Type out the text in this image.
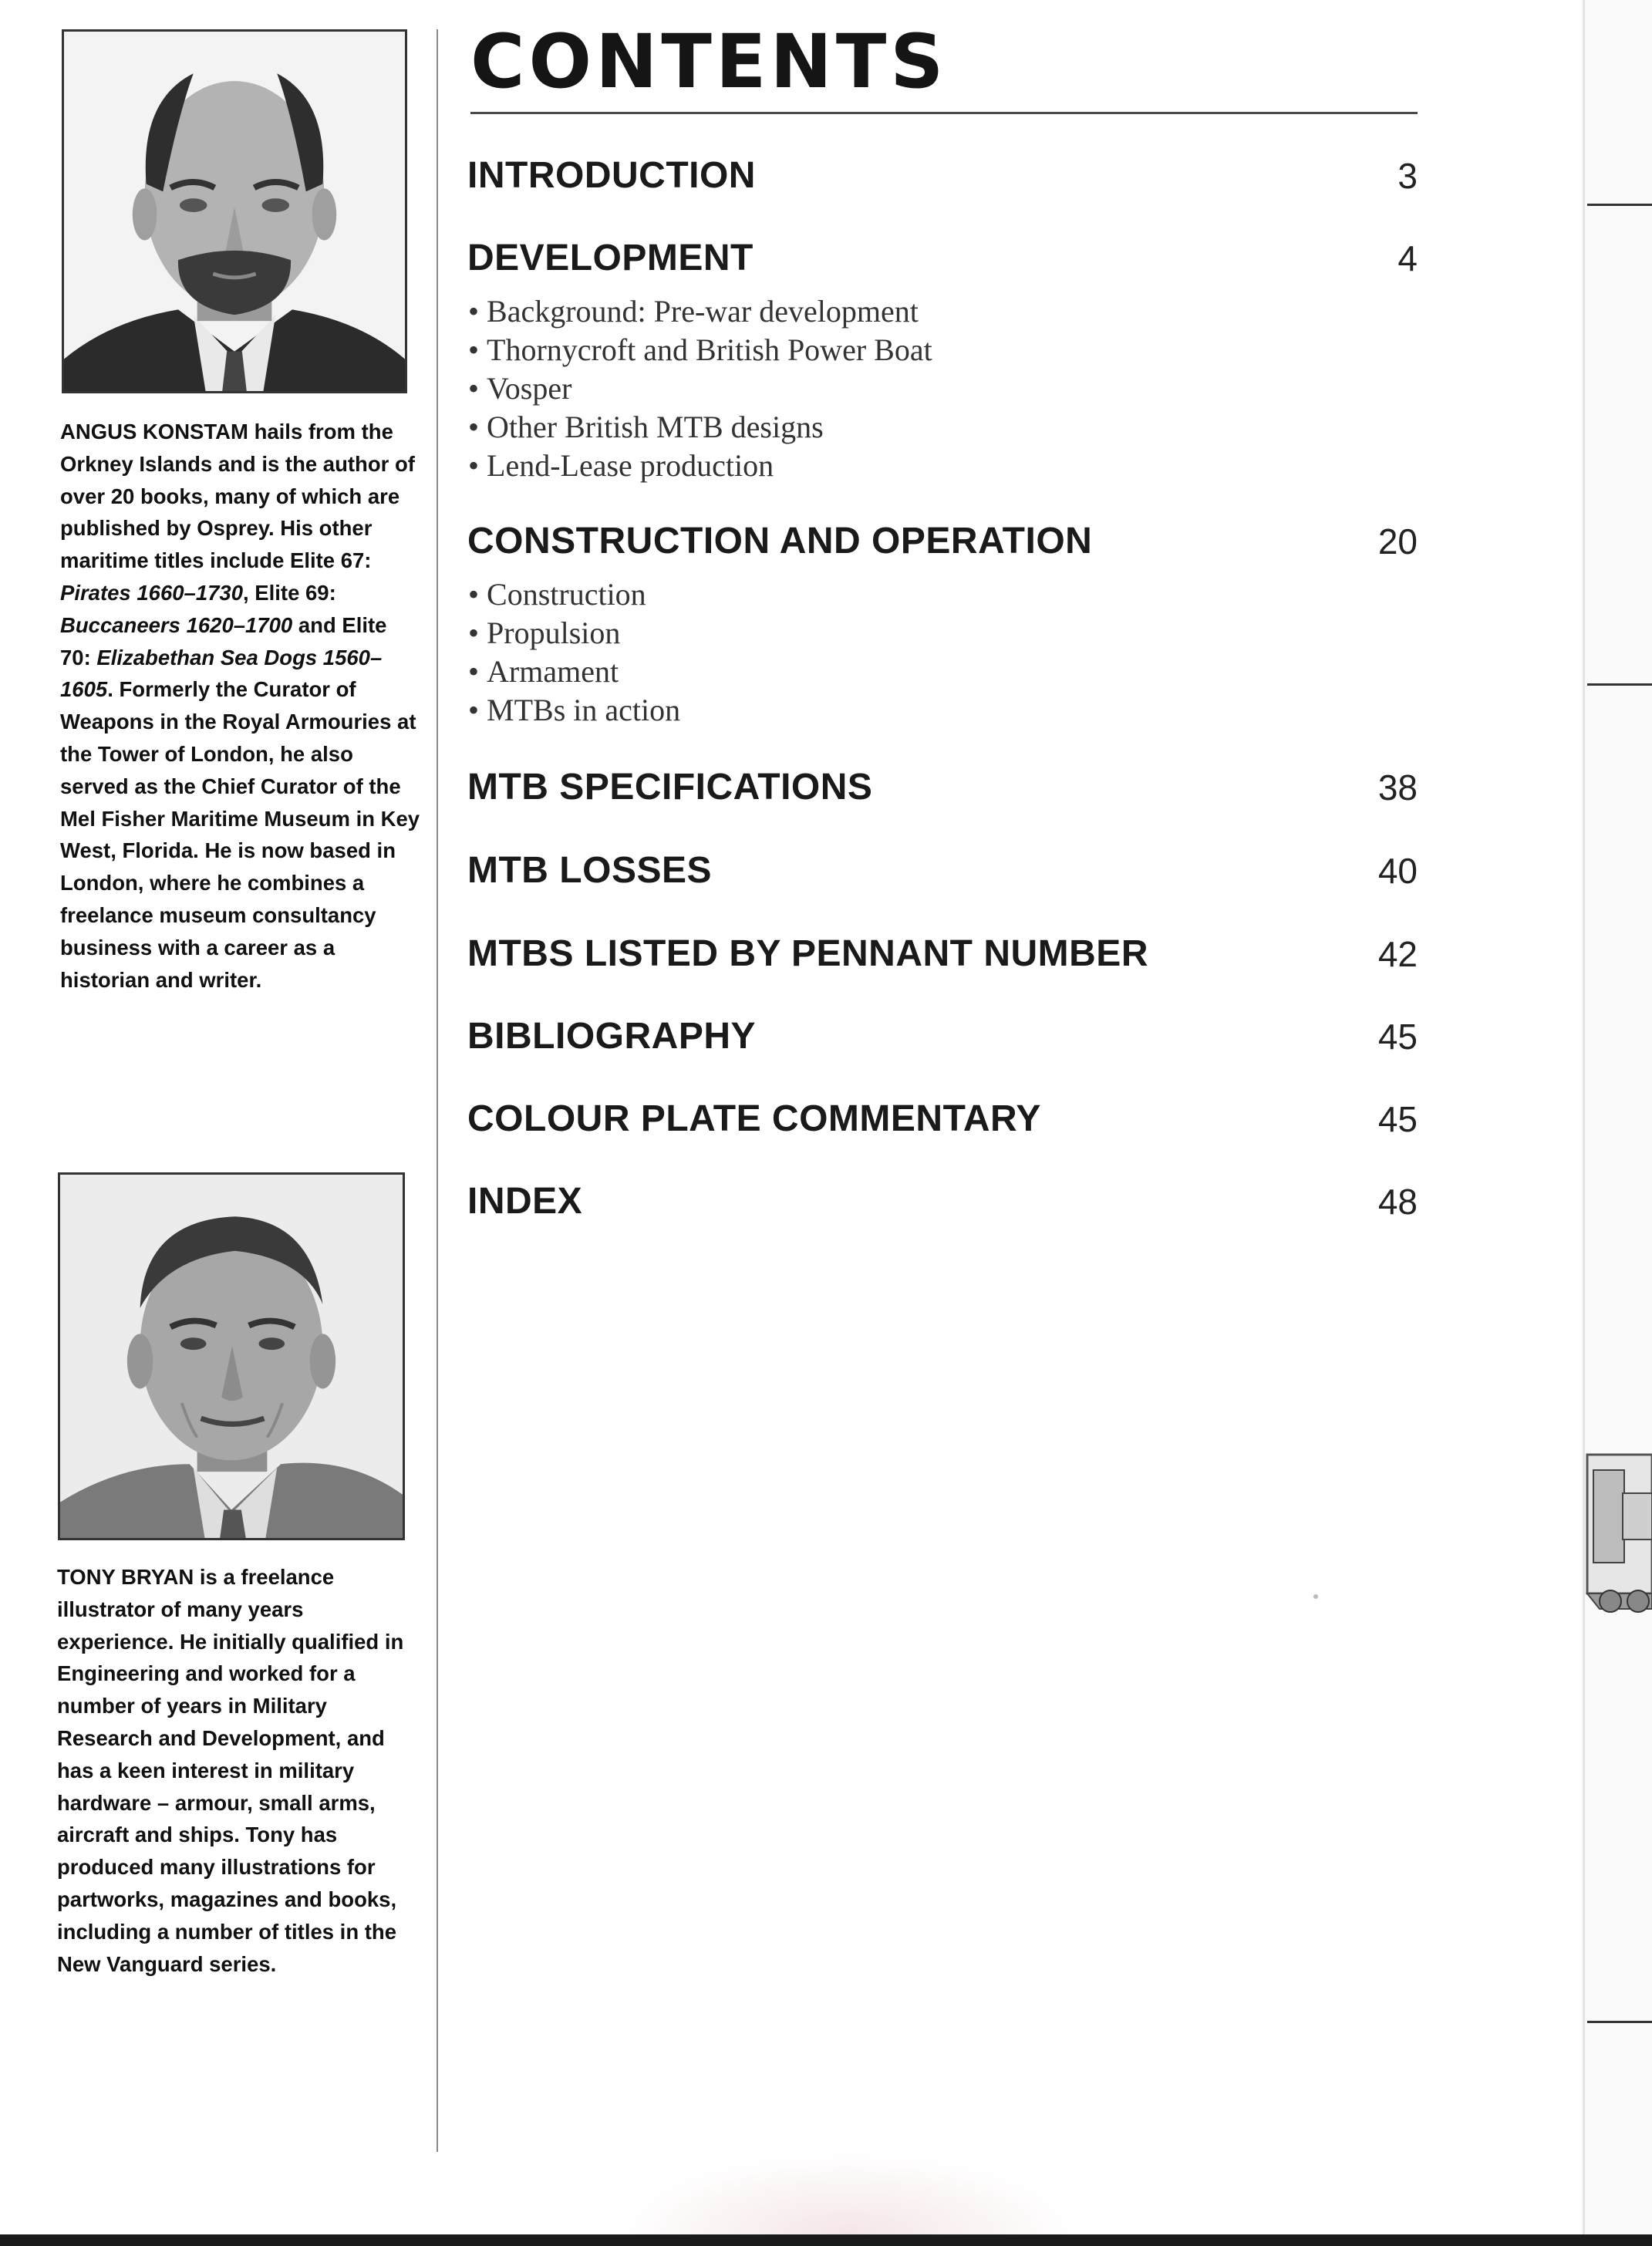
ANGUS KONSTAM hails from the Orkney Islands and is the author of over 20 books, many of which are published by Osprey. His other maritime titles include Elite 67: Pirates 1660–1730, Elite 69: Buccaneers 1620–1700 and Elite 70: Elizabethan Sea Dogs 1560–1605. Formerly the Curator of Weapons in the Royal Armouries at the Tower of London, he also served as the Chief Curator of the Mel Fisher Maritime Museum in Key West, Florida. He is now based in London, where he combines a freelance museum consultancy business with a career as a historian and writer.

TONY BRYAN is a freelance illustrator of many years experience. He initially qualified in Engineering and worked for a number of years in Military Research and Development, and has a keen interest in military hardware – armour, small arms, aircraft and ships. Tony has produced many illustrations for partworks, magazines and books, including a number of titles in the New Vanguard series.

CONTENTS
INTRODUCTION	3
DEVELOPMENT	4
• Background: Pre-war development
• Thornycroft and British Power Boat
• Vosper
• Other British MTB designs
• Lend-Lease production
CONSTRUCTION AND OPERATION	20
• Construction
• Propulsion
• Armament
• MTBs in action
MTB SPECIFICATIONS	38
MTB LOSSES	40
MTBS LISTED BY PENNANT NUMBER	42
BIBLIOGRAPHY	45
COLOUR PLATE COMMENTARY	45
INDEX	48
